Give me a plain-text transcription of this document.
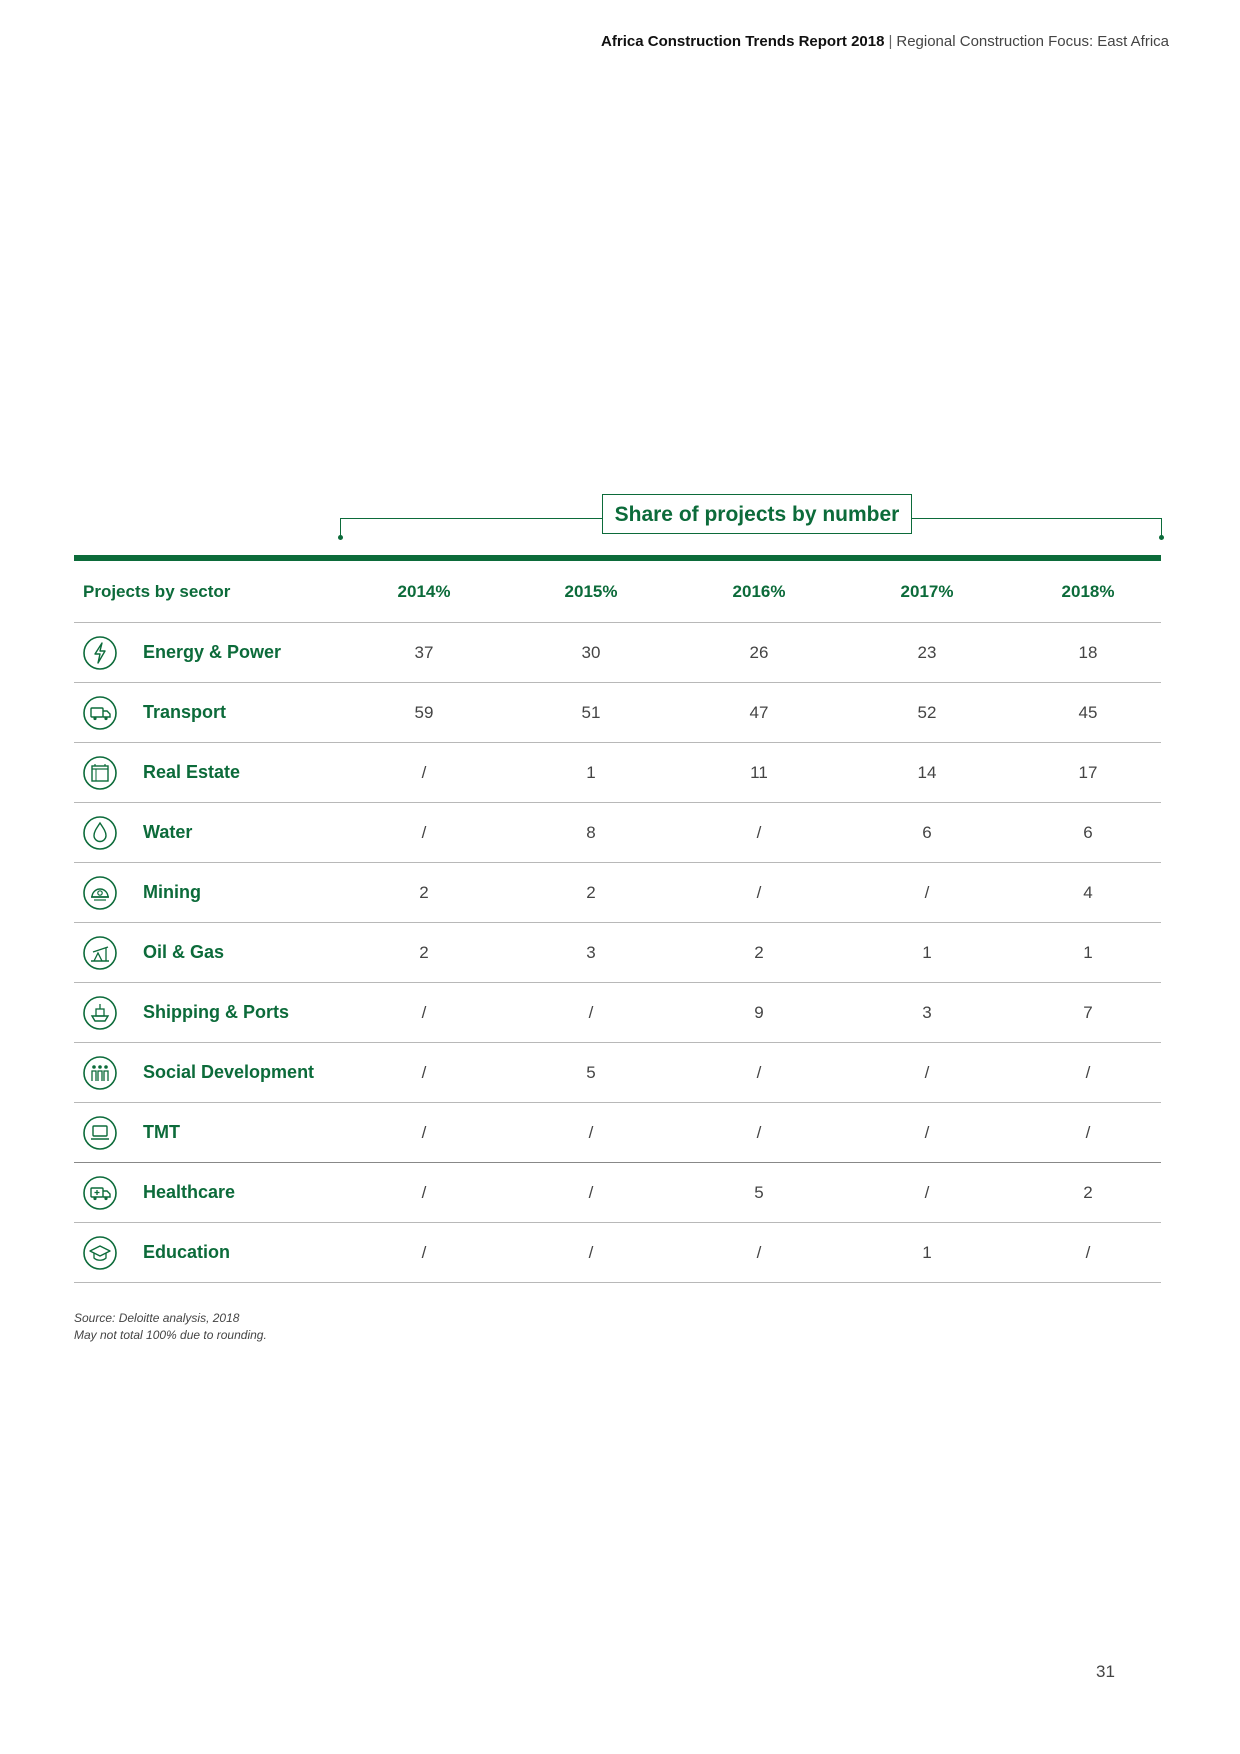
Africa Construction Trends Report 2018 | Regional Construction Focus: East Africa
Share of projects by number
Projects by sector	2014%	2015%	2016%	2017%	2018%
Energy & Power	37	30	26	23	18
Transport	59	51	47	52	45
Real Estate	/	1	11	14	17
Water	/	8	/	6	6
Mining	2	2	/	/	4
Oil & Gas	2	3	2	1	1
Shipping & Ports	/	/	9	3	7
Social Development	/	5	/	/	/
TMT	/	/	/	/	/
Healthcare	/	/	5	/	2
Education	/	/	/	1	/
Source: Deloitte analysis, 2018
May not total 100% due to rounding.
31
